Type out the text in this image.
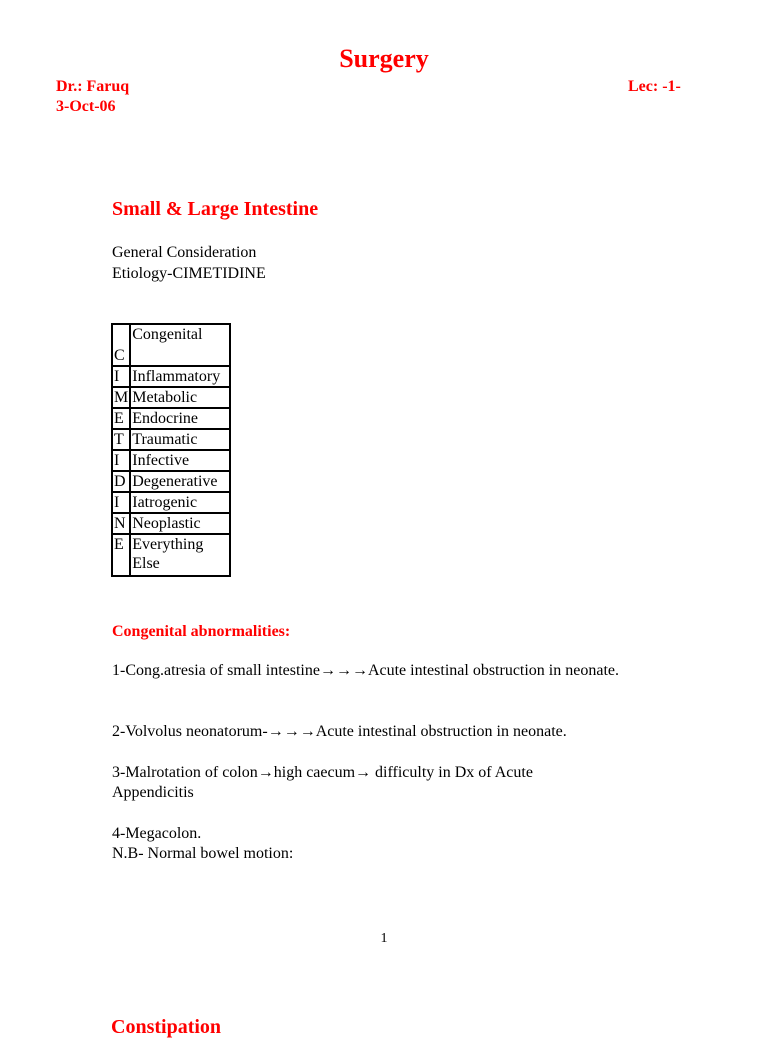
Surgery
Dr.: Faruq	Lec: -1-
3-Oct-06
Small & Large Intestine
General Consideration
Etiology-CIMETIDINE
C	Congenital
I	Inflammatory
M	Metabolic
E	Endocrine
T	Traumatic
I	Infective
D	Degenerative
I	Iatrogenic
N	Neoplastic
E	Everything Else
Congenital abnormalities:
1-Cong.atresia of small intestine→→→Acute intestinal obstruction in neonate.
2-Volvolus neonatorum-→→→Acute intestinal obstruction in neonate.
3-Malrotation of colon→high caecum→ difficulty in Dx of Acute Appendicitis
4-Megacolon.
N.B- Normal bowel motion:
1
Constipation
